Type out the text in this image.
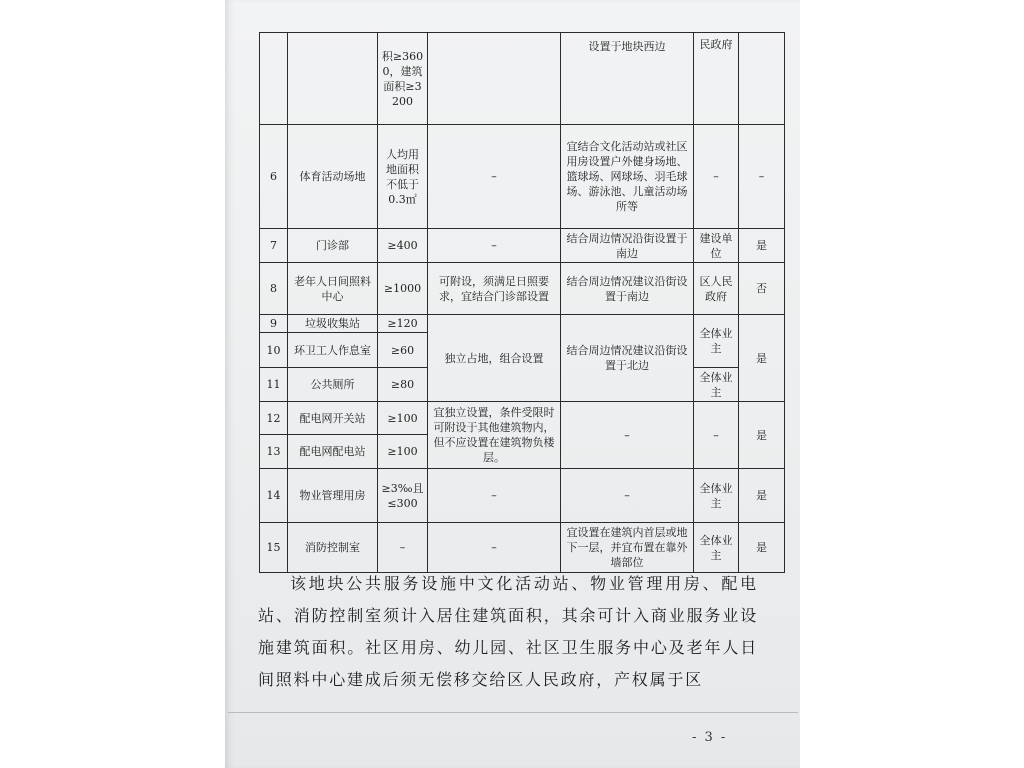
		积≥3600，建筑面积≥3200		设置于地块西边	民政府	
6	体育活动场地	人均用地面积不低于0.3㎡	–	宜结合文化活动站或社区用房设置户外健身场地、篮球场、网球场、羽毛球场、游泳池、儿童活动场所等	–	–
7	门诊部	≥400	–	结合周边情况沿街设置于南边	建设单位	是
8	老年人日间照料中心	≥1000	可附设，须满足日照要求，宜结合门诊部设置	结合周边情况建议沿街设置于南边	区人民政府	否
9	垃圾收集站	≥120	独立占地，组合设置	结合周边情况建议沿街设置于北边	全体业主	是
10	环卫工人作息室	≥60				
11	公共厕所	≥80			全体业主	
12	配电网开关站	≥100	宜独立设置，条件受限时可附设于其他建筑物内，但不应设置在建筑物负楼层。	–	–	是
13	配电网配电站	≥100				
14	物业管理用房	≥3‰且≤300	–	–	全体业主	是
15	消防控制室	–	–	宜设置在建筑内首层或地下一层，并宜布置在靠外墙部位	全体业主	是

该地块公共服务设施中文化活动站、物业管理用房、配电站、消防控制室须计入居住建筑面积，其余可计入商业服务业设施建筑面积。社区用房、幼儿园、社区卫生服务中心及老年人日间照料中心建成后须无偿移交给区人民政府，产权属于区

- 3 -
